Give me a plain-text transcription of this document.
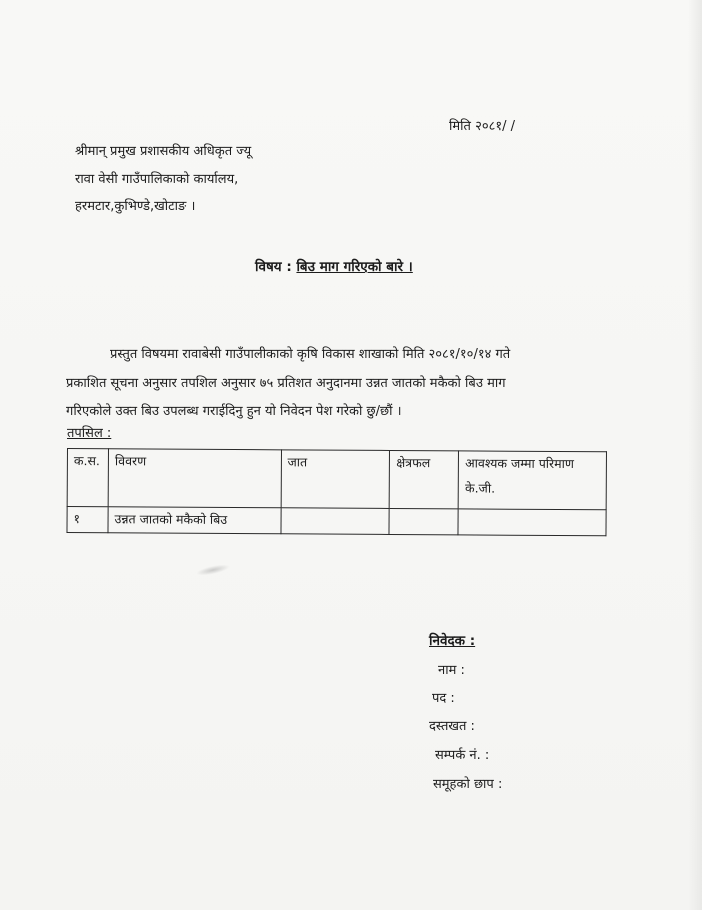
मिति २०८१/ /
श्रीमान् प्रमुख प्रशासकीय अधिकृत ज्यू
रावा वेसी गाउँपालिकाको कार्यालय,
हरमटार,कुभिण्डे,खोटाङ ।
विषय : बिउ माग गरिएको बारे ।
प्रस्तुत विषयमा रावाबेसी गाउँपालीकाको कृषि विकास शाखाको मिति २०८१/१०/१४ गते
प्रकाशित सूचना अनुसार तपशिल अनुसार ७५ प्रतिशत अनुदानमा उन्नत जातको मकैको बिउ माग
गरिएकोले उक्त बिउ उपलब्ध गराईदिनु हुन यो निवेदन पेश गरेको छु/छौं ।
तपसिल :
क.स.	विवरण	जात	क्षेत्रफल	आवश्यक जम्मा परिमाण
के.जी.

१	उन्नत जातको मकैको बिउ			
निवेदक :
नाम :
पद :
दस्तखत :
सम्पर्क नं. :
समूहको छाप :
